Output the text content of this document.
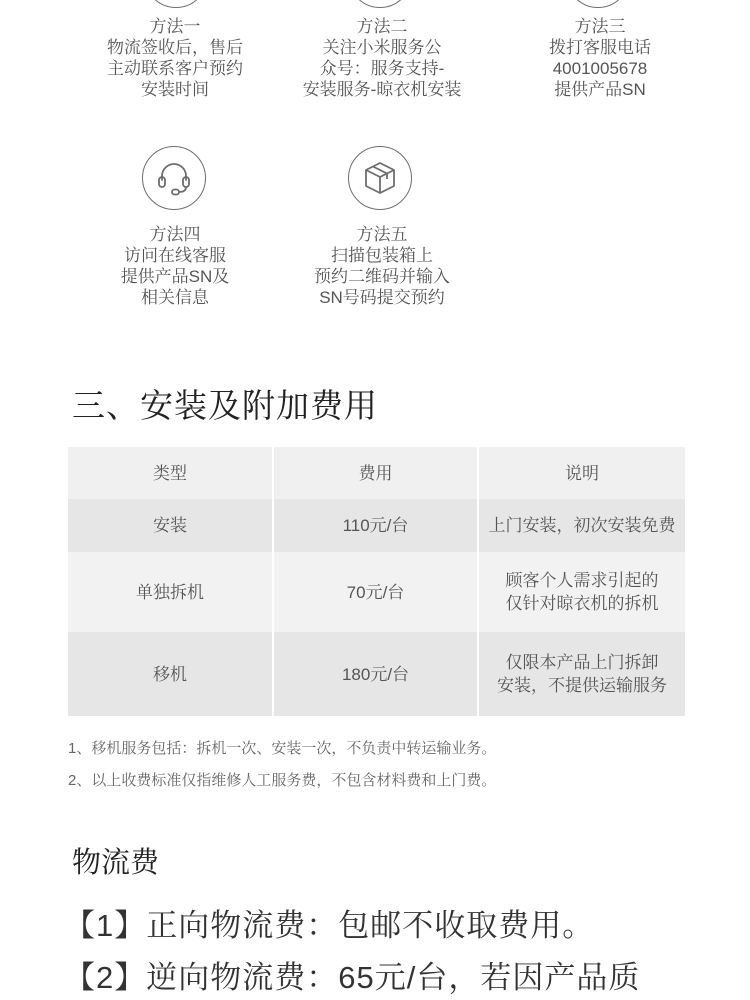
方法一
物流签收后，售后
主动联系客户预约
安装时间
方法二
关注小米服务公
众号：服务支持-
安装服务-晾衣机安装
方法三
拨打客服电话
4001005678
提供产品SN
方法四
访问在线客服
提供产品SN及
相关信息
方法五
扫描包装箱上
预约二维码并输入
SN号码提交预约
三、安装及附加费用
类型	费用	说明
安装	110元/台	上门安装，初次安装免费
单独拆机	70元/台	顾客个人需求引起的
仅针对晾衣机的拆机

移机	180元/台	仅限本产品上门拆卸
安装，不提供运输服务
1、移机服务包括：拆机一次、安装一次，不负责中转运输业务。
2、以上收费标准仅指维修人工服务费，不包含材料费和上门费。
物流费
【1】正向物流费：包邮不收取费用。
【2】逆向物流费：65元/台，若因产品质
